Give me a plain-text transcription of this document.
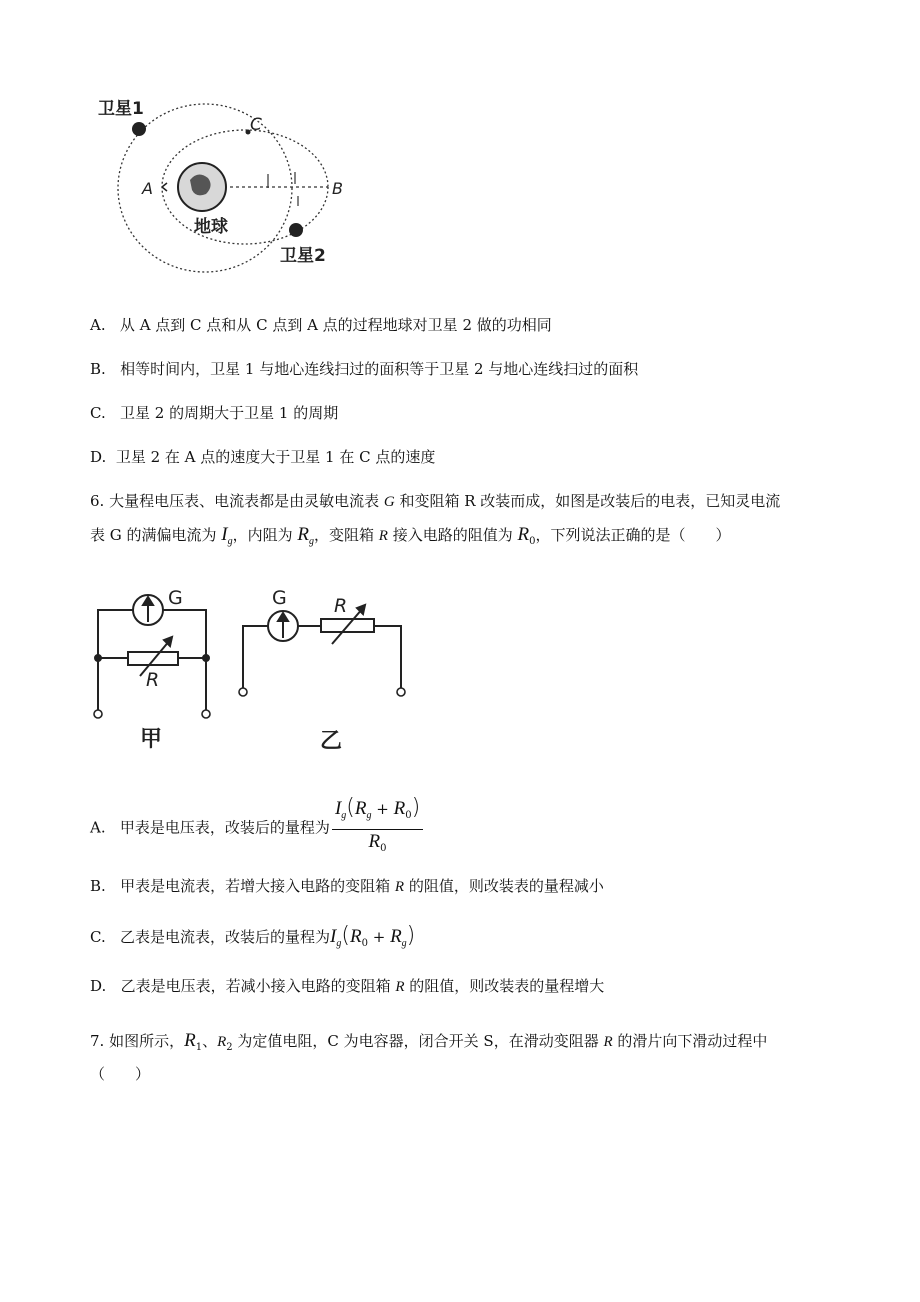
卫星1
C
A	B
地球
卫星2
A. 从 A 点到 C 点和从 C 点到 A 点的过程地球对卫星 2 做的功相同
B. 相等时间内，卫星 1 与地心连线扫过的面积等于卫星 2 与地心连线扫过的面积
C. 卫星 2 的周期大于卫星 1 的周期
D. 卫星 2 在 A 点的速度大于卫星 1 在 C 点的速度
6. 大量程电压表、电流表都是由灵敏电流表 G 和变阻箱 R 改装而成，如图是改装后的电表，已知灵电流
表 G 的满偏电流为 $I_g$，内阻为 $R_g$，变阻箱 R 接入电路的阻值为 $R_0$，下列说法正确的是（　　）
G
R
甲
G R
乙
A. 甲表是电压表，改装后的量程为 $\frac{I_g(R_g + R_0)}{R_0}$
B. 甲表是电流表，若增大接入电路的变阻箱 R 的阻值，则改装表的量程减小
C. 乙表是电流表，改装后的量程为$I_g(R_0 + R_g)$
D. 乙表是电压表，若减小接入电路的变阻箱 R 的阻值，则改装表的量程增大
7. 如图所示，$R_1$、$R_2$ 为定值电阻，C 为电容器，闭合开关 S，在滑动变阻器 R 的滑片向下滑动过程中
（　　）
